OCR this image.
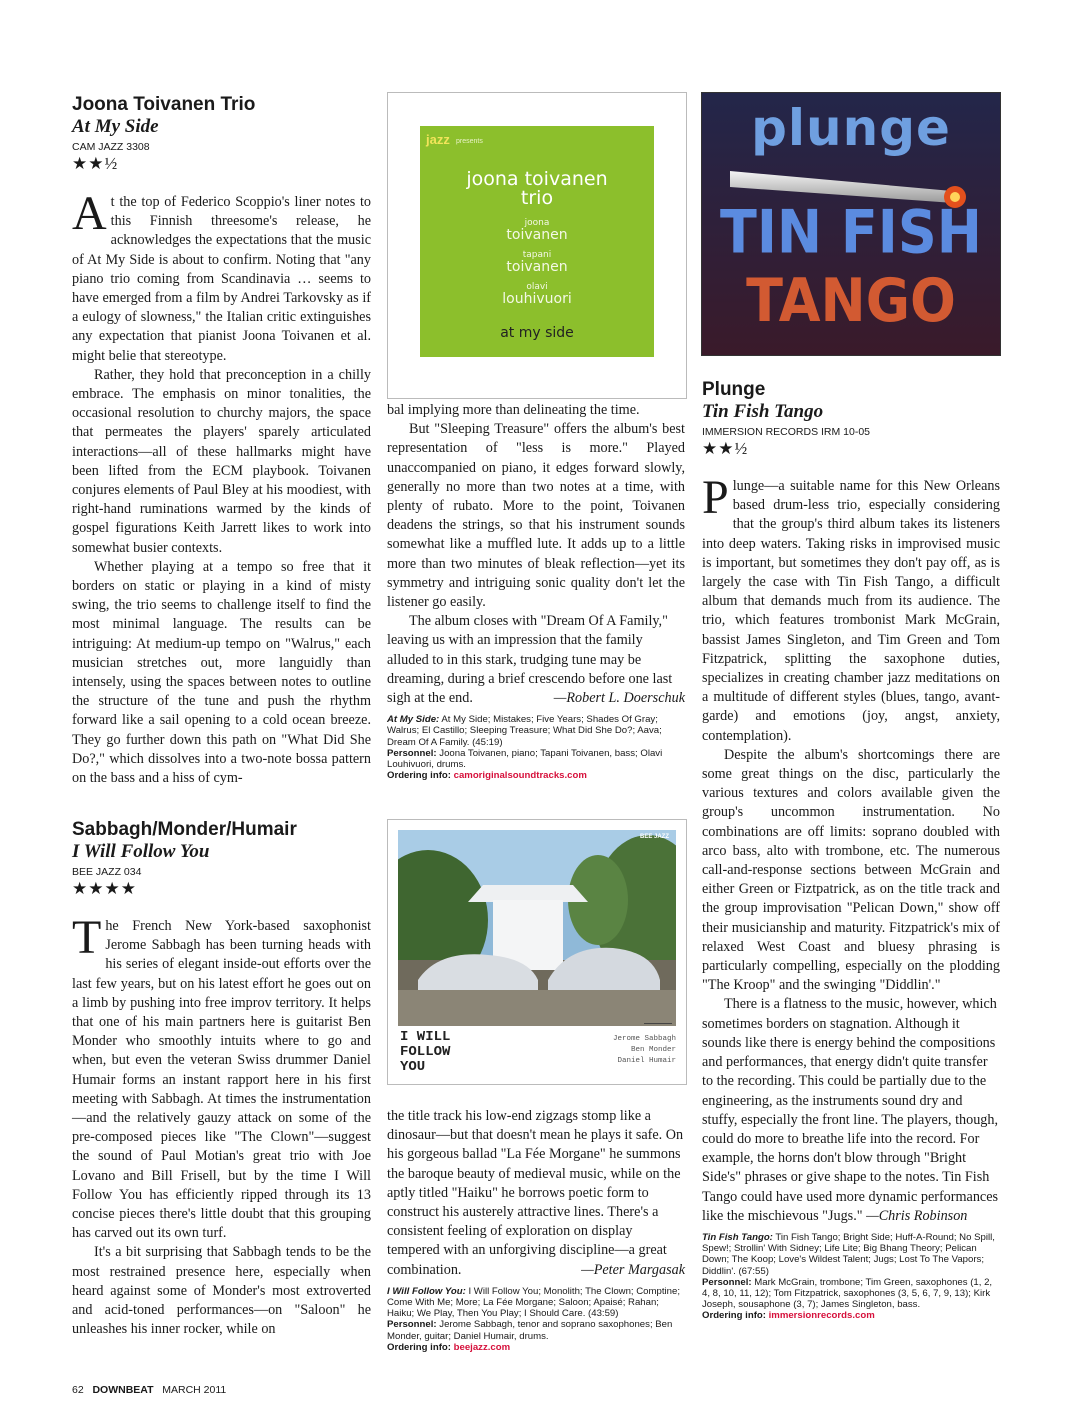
Joona Toivanen Trio
At My Side
CAM JAZZ 3308
★★½

At the top of Federico Scoppio's liner notes to this Finnish threesome's release, he acknowledges the expectations that the music of At My Side is about to confirm. Noting that "any piano trio coming from Scandinavia … seems to have emerged from a film by Andrei Tarkovsky as if a eulogy of slowness," the Italian critic extinguishes any expectation that pianist Joona Toivanen et al. might belie that stereotype.

Rather, they hold that preconception in a chilly embrace. The emphasis on minor tonalities, the occasional resolution to churchy majors, the space that permeates the players' sparely articulated interactions—all of these hallmarks might have been lifted from the ECM playbook. Toivanen conjures elements of Paul Bley at his moodiest, with right-hand ruminations warmed by the kinds of gospel figurations Keith Jarrett likes to work into somewhat busier contexts.

Whether playing at a tempo so free that it borders on static or playing in a kind of misty swing, the trio seems to challenge itself to find the most minimal language. The results can be intriguing: At medium-up tempo on "Walrus," each musician stretches out, more languidly than intensely, using the spaces between notes to outline the structure of the tune and push the rhythm forward like a sail opening to a cold ocean breeze. They go further down this path on "What Did She Do?," which dissolves into a two-note bossa pattern on the bass and a hiss of cym-

jazz presents
joona toivanen
trio
joona
toivanen
tapani
toivanen
olavi
louhivuori
at my side

bal implying more than delineating the time.

But "Sleeping Treasure" offers the album's best representation of "less is more." Played unaccompanied on piano, it edges forward slowly, generally no more than two notes at a time, with plenty of rubato. More to the point, Toivanen deadens the strings, so that his instrument sounds somewhat like a muffled lute. It adds up to a little more than two minutes of bleak reflection—yet its symmetry and intriguing sonic quality don't let the listener go easily.

The album closes with "Dream Of A Family," leaving us with an impression that the family alluded to in this stark, trudging tune may be dreaming, during a brief crescendo before one last sigh at the end.	—Robert L. Doerschuk

At My Side: At My Side; Mistakes; Five Years; Shades Of Gray; Walrus; El Castillo; Sleeping Treasure; What Did She Do?; Aava; Dream Of A Family. (45:19)
Personnel: Joona Toivanen, piano; Tapani Toivanen, bass; Olavi Louhivuori, drums.
Ordering info: camoriginalsoundtracks.com
Sabbagh/Monder/Humair
I Will Follow You
BEE JAZZ 034
★★★★

The French New York-based saxophonist Jerome Sabbagh has been turning heads with his series of elegant inside-out efforts over the last few years, but on his latest effort he goes out on a limb by pushing into free improv territory. It helps that one of his main partners here is guitarist Ben Monder who smoothly intuits where to go and when, but even the veteran Swiss drummer Daniel Humair forms an instant rapport here in his first meeting with Sabbagh. At times the instrumentation—and the relatively gauzy attack on some of the pre-composed pieces like "The Clown"—suggest the sound of Paul Motian's great trio with Joe Lovano and Bill Frisell, but by the time I Will Follow You has efficiently ripped through its 13 concise pieces there's little doubt that this grouping has carved out its own turf.

It's a bit surprising that Sabbagh tends to be the most restrained presence here, especially when heard against some of Monder's most extroverted and acid-toned performances—on "Saloon" he unleashes his inner rocker, while on

BEE JAZZ
I WILL
FOLLOW
YOU
Jerome Sabbagh
Ben Monder
Daniel Humair

the title track his low-end zigzags stomp like a dinosaur—but that doesn't mean he plays it safe. On his gorgeous ballad "La Fée Morgane" he summons the baroque beauty of medieval music, while on the aptly titled "Haiku" he borrows poetic form to construct his austerely attractive lines. There's a consistent feeling of exploration on display tempered with an unforgiving discipline—a great combination.	—Peter Margasak

I Will Follow You: I Will Follow You; Monolith; The Clown; Comptine; Come With Me; More; La Fée Morgane; Saloon; Apaisé; Rahan; Haiku; We Play, Then You Play; I Should Care. (43:59)
Personnel: Jerome Sabbagh, tenor and soprano saxophones; Ben Monder, guitar; Daniel Humair, drums.
Ordering info: beejazz.com
plunge
TIN FISH
TANGO
Plunge
Tin Fish Tango
IMMERSION RECORDS IRM 10-05
★★½

Plunge—a suitable name for this New Orleans based drum-less trio, especially considering that the group's third album takes its listeners into deep waters. Taking risks in improvised music is important, but sometimes they don't pay off, as is largely the case with Tin Fish Tango, a difficult album that demands much from its audience. The trio, which features trombonist Mark McGrain, bassist James Singleton, and Tim Green and Tom Fitzpatrick, splitting the saxophone duties, specializes in creating chamber jazz meditations on a multitude of different styles (blues, tango, avant-garde) and emotions (joy, angst, anxiety, contemplation).

Despite the album's shortcomings there are some great things on the disc, particularly the various textures and colors available given the group's uncommon instrumentation. No combinations are off limits: soprano doubled with arco bass, alto with trombone, etc. The numerous call-and-response sections between McGrain and either Green or Fiztpatrick, as on the title track and the group improvisation "Pelican Down," show off their musicianship and maturity. Fitzpatrick's mix of relaxed West Coast and bluesy phrasing is particularly compelling, especially on the plodding "The Kroop" and the swinging "Diddlin'."

There is a flatness to the music, however, which sometimes borders on stagnation. Although it sounds like there is energy behind the compositions and performances, that energy didn't quite transfer to the recording. This could be partially due to the engineering, as the instruments sound dry and stuffy, especially the front line. The players, though, could do more to breathe life into the record. For example, the horns don't blow through "Bright Side's" phrases or give shape to the notes. Tin Fish Tango could have used more dynamic performances like the mischievous "Jugs." —Chris Robinson

Tin Fish Tango: Tin Fish Tango; Bright Side; Huff-A-Round; No Spill, Spew!; Strollin' With Sidney; Life Lite; Big Bhang Theory; Pelican Down; The Koop; Love's Wildest Talent; Jugs; Lost To The Vapors; Diddlin'. (67:55)
Personnel: Mark McGrain, trombone; Tim Green, saxophones (1, 2, 4, 8, 10, 11, 12); Tom Fitzpatrick, saxophones (3, 5, 6, 7, 9, 13); Kirk Joseph, sousaphone (3, 7); James Singleton, bass.
Ordering info: immersionrecords.com
62 DOWNBEAT MARCH 2011
